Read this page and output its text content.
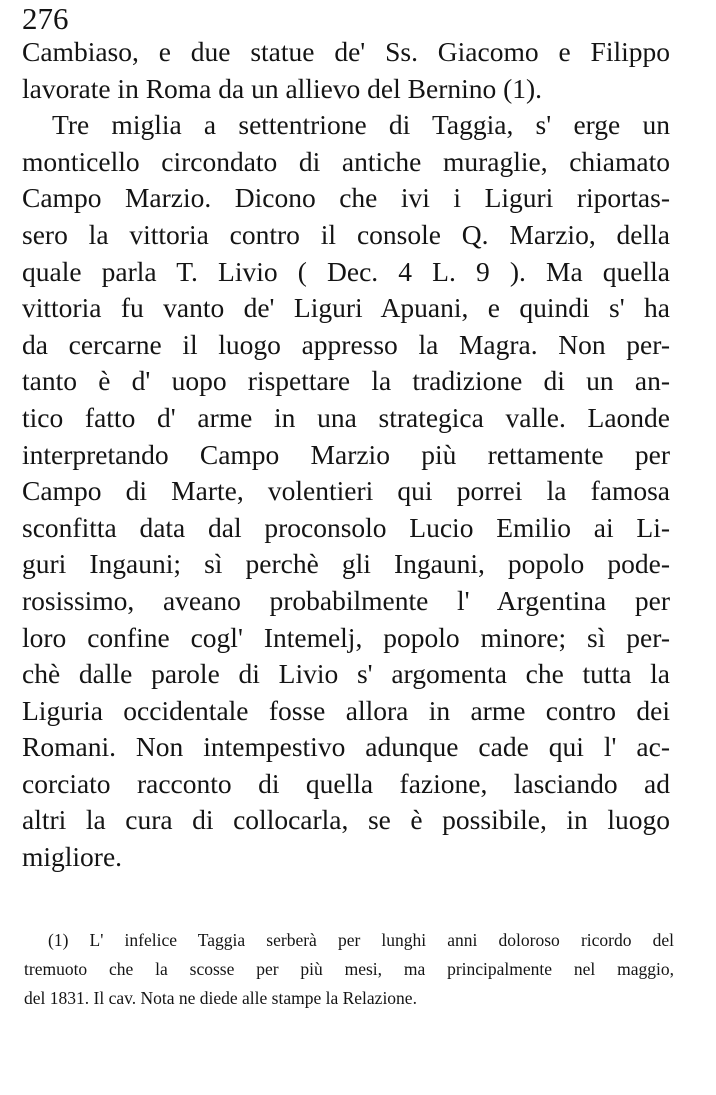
276
Cambiaso, e due statue de' Ss. Giacomo e Filippo
lavorate in Roma da un allievo del Bernino (1).
Tre miglia a settentrione di Taggia, s' erge un
monticello circondato di antiche muraglie, chiamato
Campo Marzio. Dicono che ivi i Liguri riportas-
sero la vittoria contro il console Q. Marzio, della
quale parla T. Livio ( Dec. 4 L. 9 ). Ma quella
vittoria fu vanto de' Liguri Apuani, e quindi s' ha
da cercarne il luogo appresso la Magra. Non per-
tanto è d' uopo rispettare la tradizione di un an-
tico fatto d' arme in una strategica valle. Laonde
interpretando Campo Marzio più rettamente per
Campo di Marte, volentieri qui porrei la famosa
sconfitta data dal proconsolo Lucio Emilio ai Li-
guri Ingauni; sì perchè gli Ingauni, popolo pode-
rosissimo, aveano probabilmente l' Argentina per
loro confine cogl' Intemelj, popolo minore; sì per-
chè dalle parole di Livio s' argomenta che tutta la
Liguria occidentale fosse allora in arme contro dei
Romani. Non intempestivo adunque cade qui l' ac-
corciato racconto di quella fazione, lasciando ad
altri la cura di collocarla, se è possibile, in luogo
migliore.
(1) L' infelice Taggia serberà per lunghi anni doloroso ricordo del
tremuoto che la scosse per più mesi, ma principalmente nel maggio,
del 1831. Il cav. Nota ne diede alle stampe la Relazione.
